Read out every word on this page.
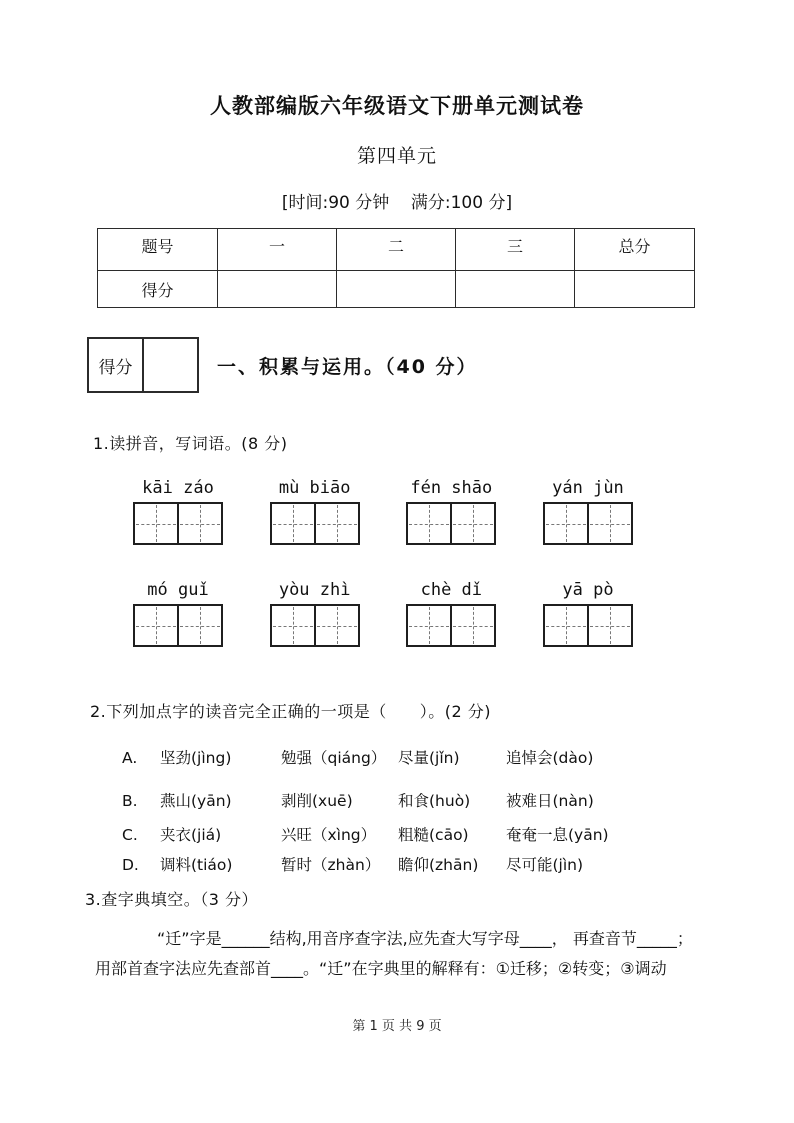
人教部编版六年级语文下册单元测试卷
第四单元
[时间:90 分钟    满分:100 分]
题号	一	二	三	总分
得分				
得分	一、积累与运用。（40 分）
1.读拼音，写词语。(8 分)
kāi záo	mù biāo	fén shāo	yán jùn
mó guǐ	yòu zhì	chè dǐ	yā pò
2.下列加点字的读音完全正确的一项是（　　）。(2 分)
A.	坚劲(jìng)	勉强（qiáng） 尽量(jǐn)	追悼会(dào)
B.	燕山(yān)	剥削(xuē)	和食(huò)	被难日(nàn)
C.	夹衣(jiá)	兴旺（xìng）	粗糙(cāo)	奄奄一息(yān)
D.	调料(tiáo)	暂时（zhàn）	瞻仰(zhān)	尽可能(jìn)
3.查字典填空。（3 分）
“迁”字是______结构,用音序查字法,应先查大写字母____， 再查音节_____；
用部首查字法应先查部首____。“迁”在字典里的解释有：①迁移；②转变；③调动
第 1 页 共 9 页
